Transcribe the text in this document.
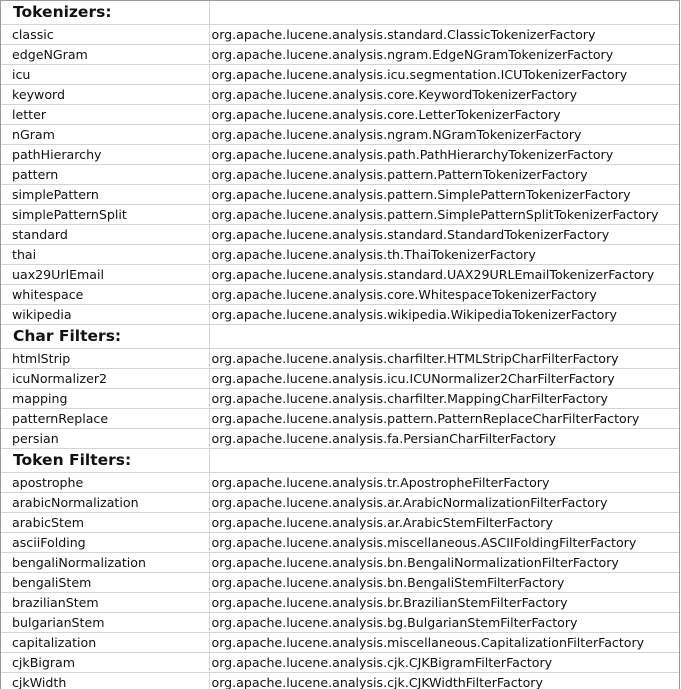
Tokenizers:	
classic	org.apache.lucene.analysis.standard.ClassicTokenizerFactory
edgeNGram	org.apache.lucene.analysis.ngram.EdgeNGramTokenizerFactory
icu	org.apache.lucene.analysis.icu.segmentation.ICUTokenizerFactory
keyword	org.apache.lucene.analysis.core.KeywordTokenizerFactory
letter	org.apache.lucene.analysis.core.LetterTokenizerFactory
nGram	org.apache.lucene.analysis.ngram.NGramTokenizerFactory
pathHierarchy	org.apache.lucene.analysis.path.PathHierarchyTokenizerFactory
pattern	org.apache.lucene.analysis.pattern.PatternTokenizerFactory
simplePattern	org.apache.lucene.analysis.pattern.SimplePatternTokenizerFactory
simplePatternSplit	org.apache.lucene.analysis.pattern.SimplePatternSplitTokenizerFactory
standard	org.apache.lucene.analysis.standard.StandardTokenizerFactory
thai	org.apache.lucene.analysis.th.ThaiTokenizerFactory
uax29UrlEmail	org.apache.lucene.analysis.standard.UAX29URLEmailTokenizerFactory
whitespace	org.apache.lucene.analysis.core.WhitespaceTokenizerFactory
wikipedia	org.apache.lucene.analysis.wikipedia.WikipediaTokenizerFactory
Char Filters:	
htmlStrip	org.apache.lucene.analysis.charfilter.HTMLStripCharFilterFactory
icuNormalizer2	org.apache.lucene.analysis.icu.ICUNormalizer2CharFilterFactory
mapping	org.apache.lucene.analysis.charfilter.MappingCharFilterFactory
patternReplace	org.apache.lucene.analysis.pattern.PatternReplaceCharFilterFactory
persian	org.apache.lucene.analysis.fa.PersianCharFilterFactory
Token Filters:	
apostrophe	org.apache.lucene.analysis.tr.ApostropheFilterFactory
arabicNormalization	org.apache.lucene.analysis.ar.ArabicNormalizationFilterFactory
arabicStem	org.apache.lucene.analysis.ar.ArabicStemFilterFactory
asciiFolding	org.apache.lucene.analysis.miscellaneous.ASCIIFoldingFilterFactory
bengaliNormalization	org.apache.lucene.analysis.bn.BengaliNormalizationFilterFactory
bengaliStem	org.apache.lucene.analysis.bn.BengaliStemFilterFactory
brazilianStem	org.apache.lucene.analysis.br.BrazilianStemFilterFactory
bulgarianStem	org.apache.lucene.analysis.bg.BulgarianStemFilterFactory
capitalization	org.apache.lucene.analysis.miscellaneous.CapitalizationFilterFactory
cjkBigram	org.apache.lucene.analysis.cjk.CJKBigramFilterFactory
cjkWidth	org.apache.lucene.analysis.cjk.CJKWidthFilterFactory
